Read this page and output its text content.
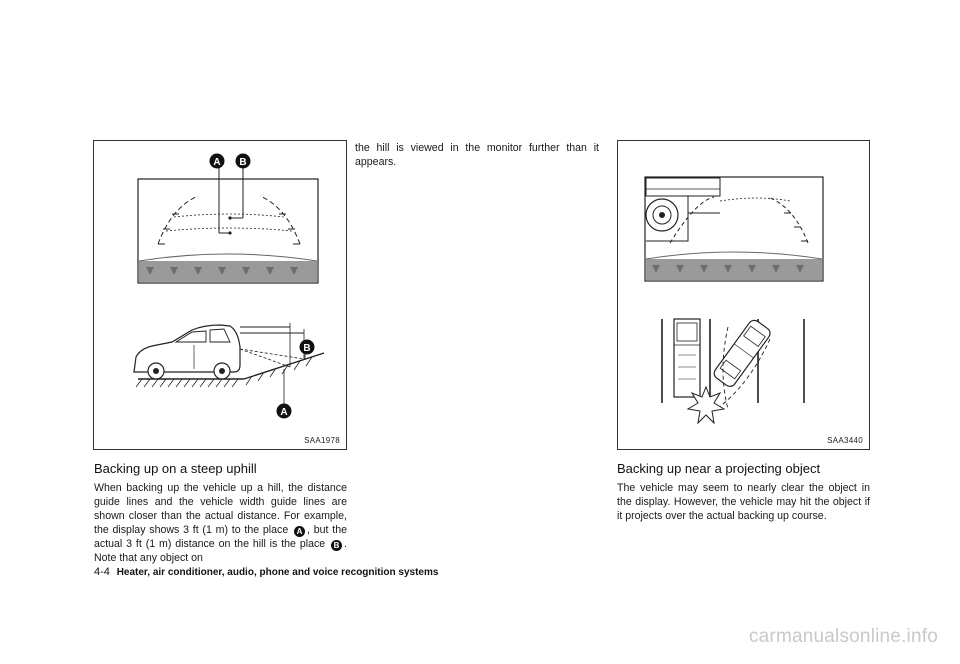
A B
B
A
SAA1978	SAA3440
Backing up on a steep uphill

When backing up the vehicle up a hill, the distance guide lines and the vehicle width guide lines are shown closer than the actual distance. For example, the display shows 3 ft (1 m) to the place A , but the actual 3 ft (1 m) distance on the hill is the place B . Note that any object on

the hill is viewed in the monitor further than it appears.

Backing up near a projecting object

The vehicle may seem to nearly clear the object in the display. However, the vehicle may hit the object if it projects over the actual backing up course.

4-4 Heater, air conditioner, audio, phone and voice recognition systems
carmanualsonline.info
